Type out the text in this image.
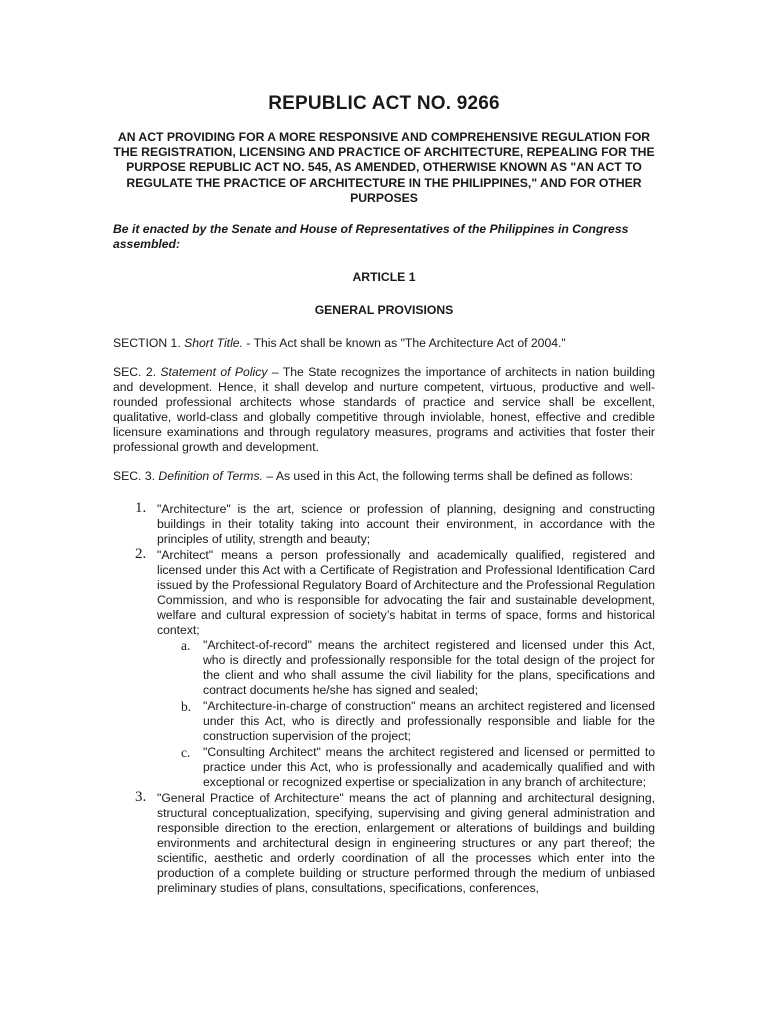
REPUBLIC ACT NO. 9266
AN ACT PROVIDING FOR A MORE RESPONSIVE AND COMPREHENSIVE REGULATION FOR THE REGISTRATION, LICENSING AND PRACTICE OF ARCHITECTURE, REPEALING FOR THE PURPOSE REPUBLIC ACT NO. 545, AS AMENDED, OTHERWISE KNOWN AS "AN ACT TO REGULATE THE PRACTICE OF ARCHITECTURE IN THE PHILIPPINES," AND FOR OTHER PURPOSES
Be it enacted by the Senate and House of Representatives of the Philippines in Congress assembled:
ARTICLE 1
GENERAL PROVISIONS
SECTION 1. Short Title. - This Act shall be known as "The Architecture Act of 2004."
SEC. 2. Statement of Policy – The State recognizes the importance of architects in nation building and development. Hence, it shall develop and nurture competent, virtuous, productive and well-rounded professional architects whose standards of practice and service shall be excellent, qualitative, world-class and globally competitive through inviolable, honest, effective and credible licensure examinations and through regulatory measures, programs and activities that foster their professional growth and development.
SEC. 3. Definition of Terms. – As used in this Act, the following terms shall be defined as follows:
1. "Architecture" is the art, science or profession of planning, designing and constructing buildings in their totality taking into account their environment, in accordance with the principles of utility, strength and beauty;
2. "Architect" means a person professionally and academically qualified, registered and licensed under this Act with a Certificate of Registration and Professional Identification Card issued by the Professional Regulatory Board of Architecture and the Professional Regulation Commission, and who is responsible for advocating the fair and sustainable development, welfare and cultural expression of society’s habitat in terms of space, forms and historical context;
a. "Architect-of-record" means the architect registered and licensed under this Act, who is directly and professionally responsible for the total design of the project for the client and who shall assume the civil liability for the plans, specifications and contract documents he/she has signed and sealed;
b. "Architecture-in-charge of construction" means an architect registered and licensed under this Act, who is directly and professionally responsible and liable for the construction supervision of the project;
c. "Consulting Architect" means the architect registered and licensed or permitted to practice under this Act, who is professionally and academically qualified and with exceptional or recognized expertise or specialization in any branch of architecture;
3. "General Practice of Architecture" means the act of planning and architectural designing, structural conceptualization, specifying, supervising and giving general administration and responsible direction to the erection, enlargement or alterations of buildings and building environments and architectural design in engineering structures or any part thereof; the scientific, aesthetic and orderly coordination of all the processes which enter into the production of a complete building or structure performed through the medium of unbiased preliminary studies of plans, consultations, specifications, conferences,
